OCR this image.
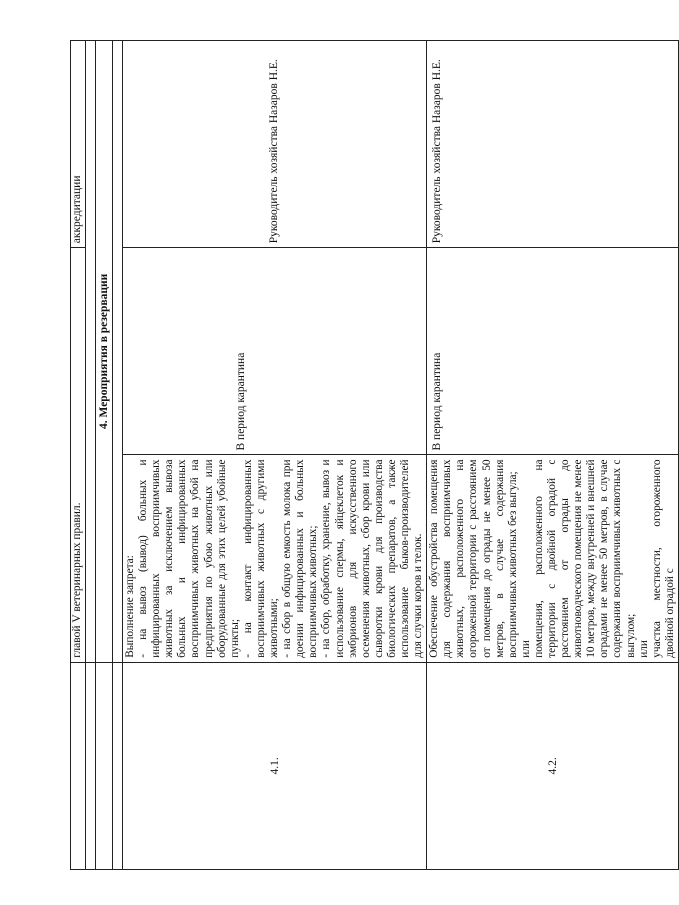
	главой V ветеринарных правил.		аккредитации

	4. Мероприятия в резервации		

4.1.	Выполнение запрета: - на вывоз (вывод) больных и инфицированных восприимчивых животных за исключением вывоза больных и инфицированных восприимчивых животных на убой на предприятия по убою животных или оборудованные для этих целей убойные пункты; - на контакт инфицированных восприимчивых животных с другими животными; - на сбор в общую емкость молока при доении инфицированных и больных восприимчивых животных; - на сбор, обработку, хранение, вывоз и использование спермы, яйцеклеток и эмбрионов для искусственного осеменения животных, сбор крови или сыворотки крови для производства биологических препаратов, а также использование быков-производителей для случки коров и телок.	В период карантина	Руководитель хозяйства Назаров Н.Е.
4.2.	Обеспечение обустройства помещения для содержания восприимчивых животных, расположенного на огороженной территории с расстоянием от помещения до ограды не менее 50 метров, в случае содержания восприимчивых животных без выгула; или помещения, расположенного на территории с двойной оградой с расстоянием от ограды до животноводческого помещения не менее 10 метров, между внутренней и внешней оградами не менее 50 метров, в случае содержания восприимчивых животных с выгулом; или участка местности, огороженного двойной оградой с	В период карантина	Руководитель хозяйства Назаров Н.Е.
